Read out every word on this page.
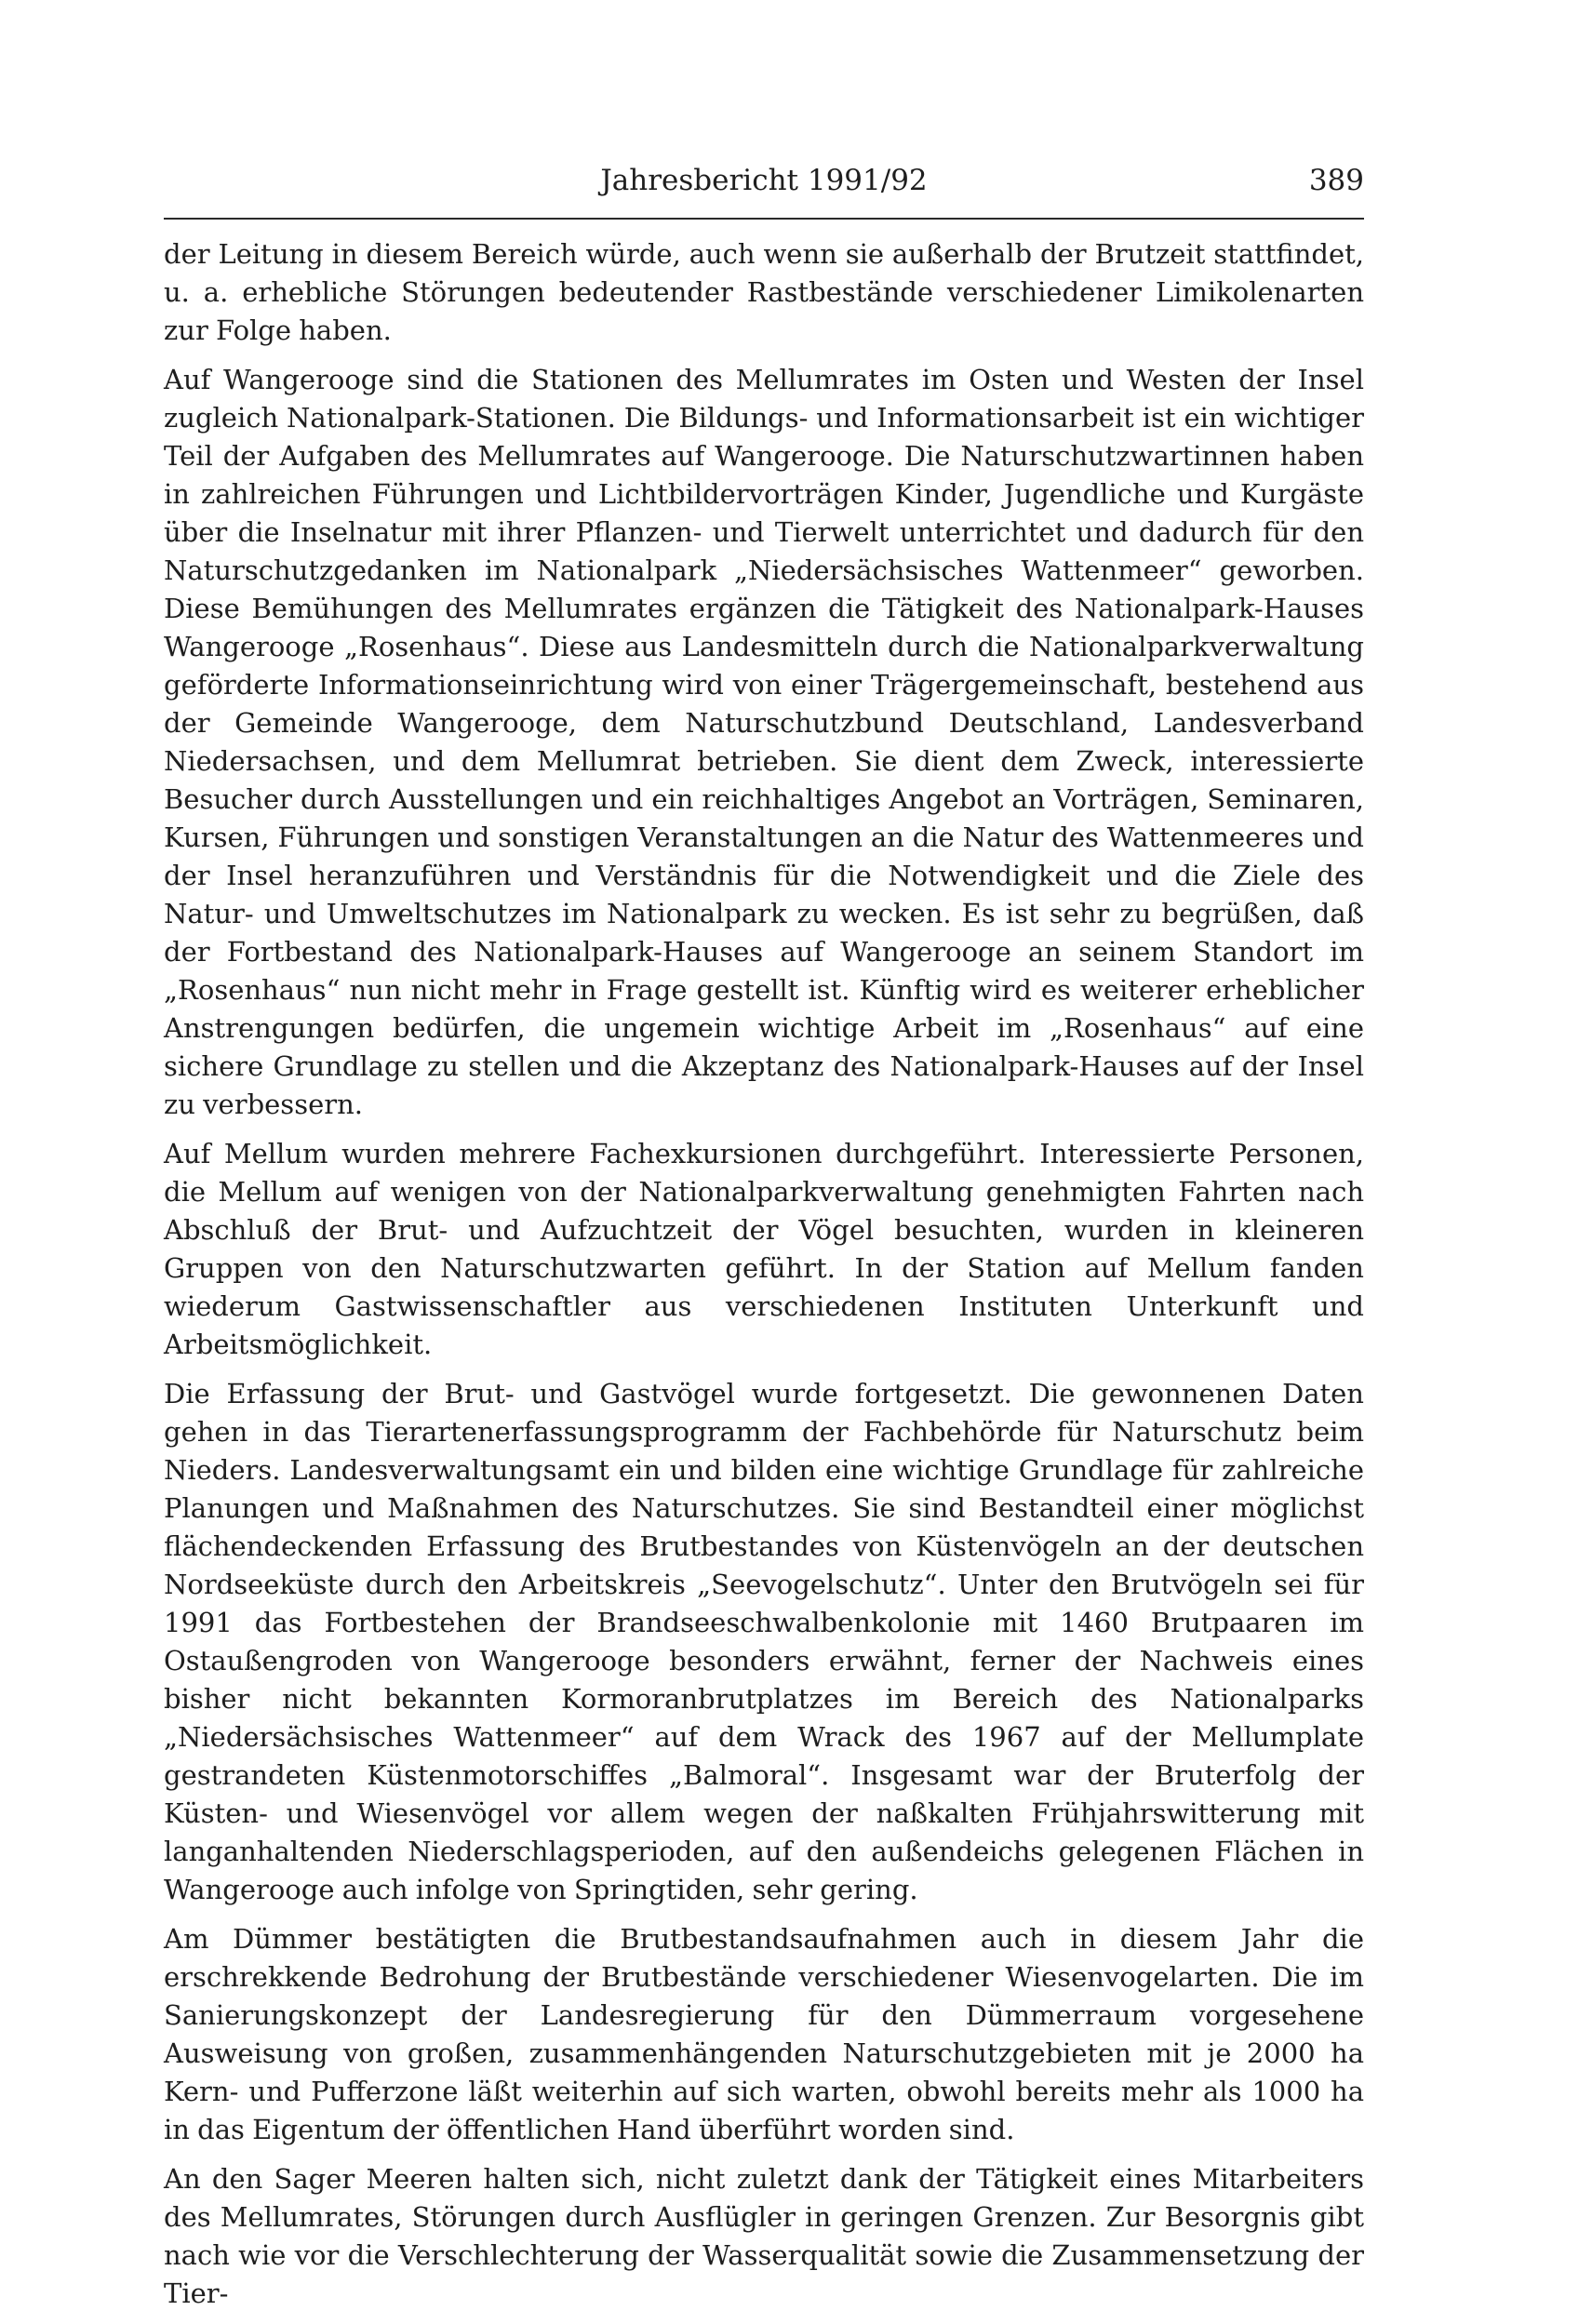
Jahresbericht 1991/92	389

der Leitung in diesem Bereich würde, auch wenn sie außerhalb der Brutzeit stattfindet, u. a. erhebliche Störungen bedeutender Rastbestände verschiedener Limikolenarten zur Folge haben.

Auf Wangerooge sind die Stationen des Mellumrates im Osten und Westen der Insel zugleich Nationalpark-Stationen. Die Bildungs- und Informationsarbeit ist ein wichtiger Teil der Aufgaben des Mellumrates auf Wangerooge. Die Naturschutzwartinnen haben in zahlreichen Führungen und Lichtbildervorträgen Kinder, Jugendliche und Kurgäste über die Inselnatur mit ihrer Pflanzen- und Tierwelt unterrichtet und dadurch für den Naturschutzgedanken im Nationalpark „Niedersächsisches Wattenmeer“ geworben. Diese Bemühungen des Mellumrates ergänzen die Tätigkeit des Nationalpark-Hauses Wangerooge „Rosenhaus“. Diese aus Landesmitteln durch die Nationalparkverwaltung geförderte Informationseinrichtung wird von einer Trägergemeinschaft, bestehend aus der Gemeinde Wangerooge, dem Naturschutzbund Deutschland, Landesverband Niedersachsen, und dem Mellumrat betrieben. Sie dient dem Zweck, interessierte Besucher durch Ausstellungen und ein reichhaltiges Angebot an Vorträgen, Seminaren, Kursen, Führungen und sonstigen Veranstaltungen an die Natur des Wattenmeeres und der Insel heranzuführen und Verständnis für die Notwendigkeit und die Ziele des Natur- und Umweltschutzes im Nationalpark zu wecken. Es ist sehr zu begrüßen, daß der Fortbestand des Nationalpark-Hauses auf Wangerooge an seinem Standort im „Rosenhaus“ nun nicht mehr in Frage gestellt ist. Künftig wird es weiterer erheblicher Anstrengungen bedürfen, die ungemein wichtige Arbeit im „Rosenhaus“ auf eine sichere Grundlage zu stellen und die Akzeptanz des Nationalpark-Hauses auf der Insel zu verbessern.

Auf Mellum wurden mehrere Fachexkursionen durchgeführt. Interessierte Personen, die Mellum auf wenigen von der Nationalparkverwaltung genehmigten Fahrten nach Abschluß der Brut- und Aufzuchtzeit der Vögel besuchten, wurden in kleineren Gruppen von den Naturschutzwarten geführt. In der Station auf Mellum fanden wiederum Gastwissenschaftler aus verschiedenen Instituten Unterkunft und Arbeitsmöglichkeit.

Die Erfassung der Brut- und Gastvögel wurde fortgesetzt. Die gewonnenen Daten gehen in das Tierartenerfassungsprogramm der Fachbehörde für Naturschutz beim Nieders. Landesverwaltungsamt ein und bilden eine wichtige Grundlage für zahlreiche Planungen und Maßnahmen des Naturschutzes. Sie sind Bestandteil einer möglichst flächendeckenden Erfassung des Brutbestandes von Küstenvögeln an der deutschen Nordseeküste durch den Arbeitskreis „Seevogelschutz“. Unter den Brutvögeln sei für 1991 das Fortbestehen der Brandseeschwalbenkolonie mit 1460 Brutpaaren im Ostaußengroden von Wangerooge besonders erwähnt, ferner der Nachweis eines bisher nicht bekannten Kormoranbrutplatzes im Bereich des Nationalparks „Niedersächsisches Wattenmeer“ auf dem Wrack des 1967 auf der Mellumplate gestrandeten Küstenmotorschiffes „Balmoral“. Insgesamt war der Bruterfolg der Küsten- und Wiesenvögel vor allem wegen der naßkalten Frühjahrswitterung mit langanhaltenden Niederschlagsperioden, auf den außendeichs gelegenen Flächen in Wangerooge auch infolge von Springtiden, sehr gering.

Am Dümmer bestätigten die Brutbestandsaufnahmen auch in diesem Jahr die erschrekkende Bedrohung der Brutbestände verschiedener Wiesenvogelarten. Die im Sanierungskonzept der Landesregierung für den Dümmerraum vorgesehene Ausweisung von großen, zusammenhängenden Naturschutzgebieten mit je 2000 ha Kern- und Pufferzone läßt weiterhin auf sich warten, obwohl bereits mehr als 1000 ha in das Eigentum der öffentlichen Hand überführt worden sind.

An den Sager Meeren halten sich, nicht zuletzt dank der Tätigkeit eines Mitarbeiters des Mellumrates, Störungen durch Ausflügler in geringen Grenzen. Zur Besorgnis gibt nach wie vor die Verschlechterung der Wasserqualität sowie die Zusammensetzung der Tier-
